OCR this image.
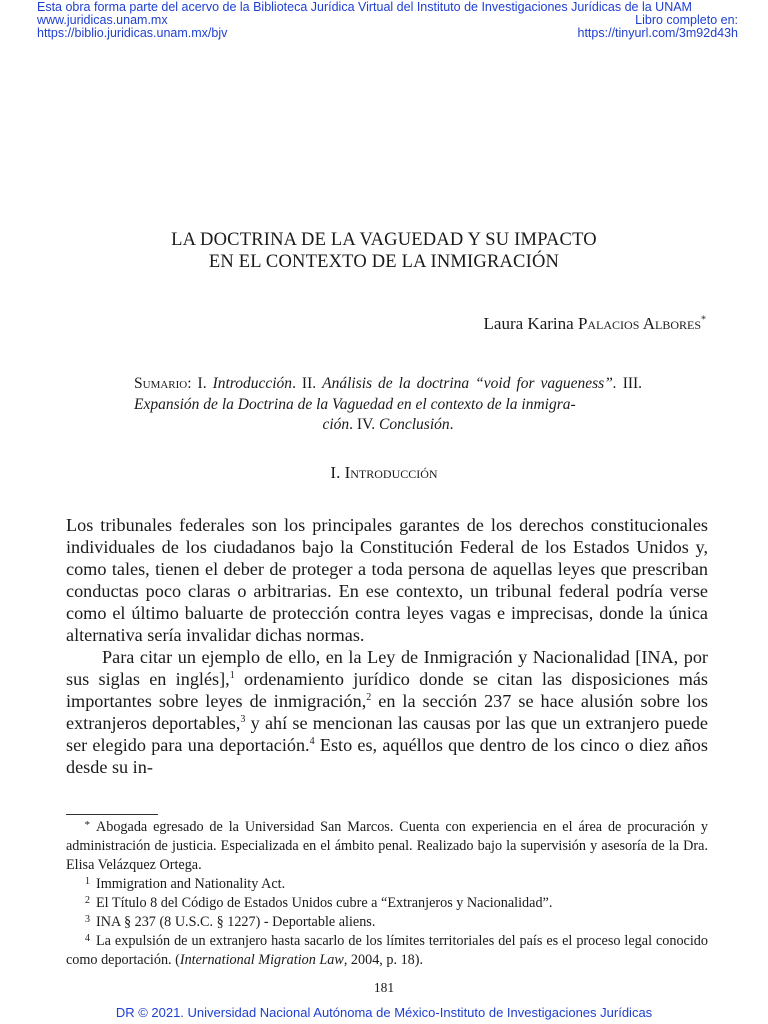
Esta obra forma parte del acervo de la Biblioteca Jurídica Virtual del Instituto de Investigaciones Jurídicas de la UNAM
www.juridicas.unam.mx
https://biblio.juridicas.unam.mx/bjv
Libro completo en:
https://tinyurl.com/3m92d43h
LA DOCTRINA DE LA VAGUEDAD Y SU IMPACTO
EN EL CONTEXTO DE LA INMIGRACIÓN
Laura Karina Palacios Albores*
Sumario: I. Introducción. II. Análisis de la doctrina “void for vagueness”. III. Expansión de la Doctrina de la Vaguedad en el contexto de la inmigra-
ción. IV. Conclusión.
I. Introducción

Los tribunales federales son los principales garantes de los derechos constitucionales individuales de los ciudadanos bajo la Constitución Federal de los Estados Unidos y, como tales, tienen el deber de proteger a toda persona de aquellas leyes que prescriban conductas poco claras o arbitrarias. En ese contexto, un tribunal federal podría verse como el último baluarte de protección contra leyes vagas e imprecisas, donde la única alternativa sería invalidar dichas normas.

Para citar un ejemplo de ello, en la Ley de Inmigración y Nacionalidad [INA, por sus siglas en inglés],$^1$ ordenamiento jurídico donde se citan las disposiciones más importantes sobre leyes de inmigración,$^2$ en la sección 237 se hace alusión sobre los extranjeros deportables,$^3$ y ahí se mencionan las causas por las que un extranjero puede ser elegido para una deportación.$^4$ Esto es, aquéllos que dentro de los cinco o diez años desde su in-

* Abogada egresado de la Universidad San Marcos. Cuenta con experiencia en el área de procuración y administración de justicia. Especializada en el ámbito penal. Realizado bajo la supervisión y asesoría de la Dra. Elisa Velázquez Ortega.

1 Immigration and Nationality Act.

2 El Título 8 del Código de Estados Unidos cubre a “Extranjeros y Nacionalidad”.

3 INA § 237 (8 U.S.C. § 1227) - Deportable aliens.

4 La expulsión de un extranjero hasta sacarlo de los límites territoriales del país es el proceso legal conocido como deportación. (International Migration Law, 2004, p. 18).

181
DR © 2021. Universidad Nacional Autónoma de México-Instituto de Investigaciones Jurídicas
